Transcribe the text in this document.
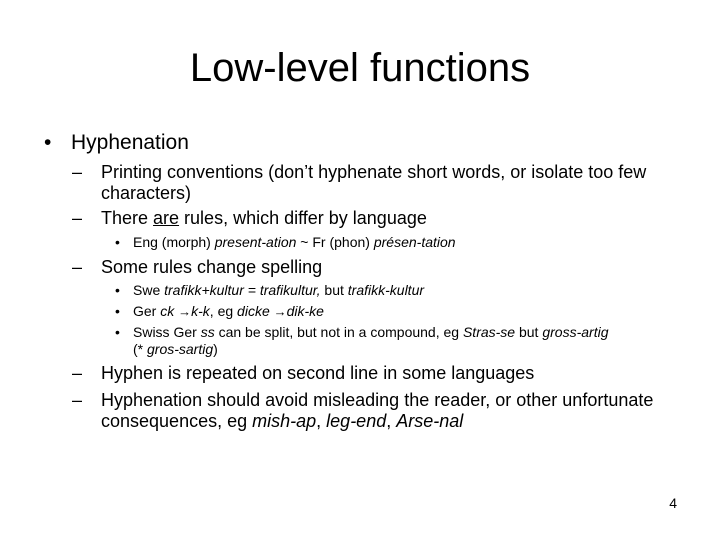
Low-level functions
• Hyphenation
– Printing conventions (don’t hyphenate short words, or isolate too few characters)
– There are rules, which differ by language
• Eng (morph) present-ation ~ Fr (phon) présen-tation
– Some rules change spelling
• Swe trafikk+kultur = trafikultur, but trafikk-kultur
• Ger ck →k-k, eg dicke →dik-ke
• Swiss Ger ss can be split, but not in a compound, eg Stras-se but gross-artig
(* gros-sartig)
– Hyphen is repeated on second line in some languages
– Hyphenation should avoid misleading the reader, or other unfortunate consequences, eg mish-ap, leg-end, Arse-nal
4
